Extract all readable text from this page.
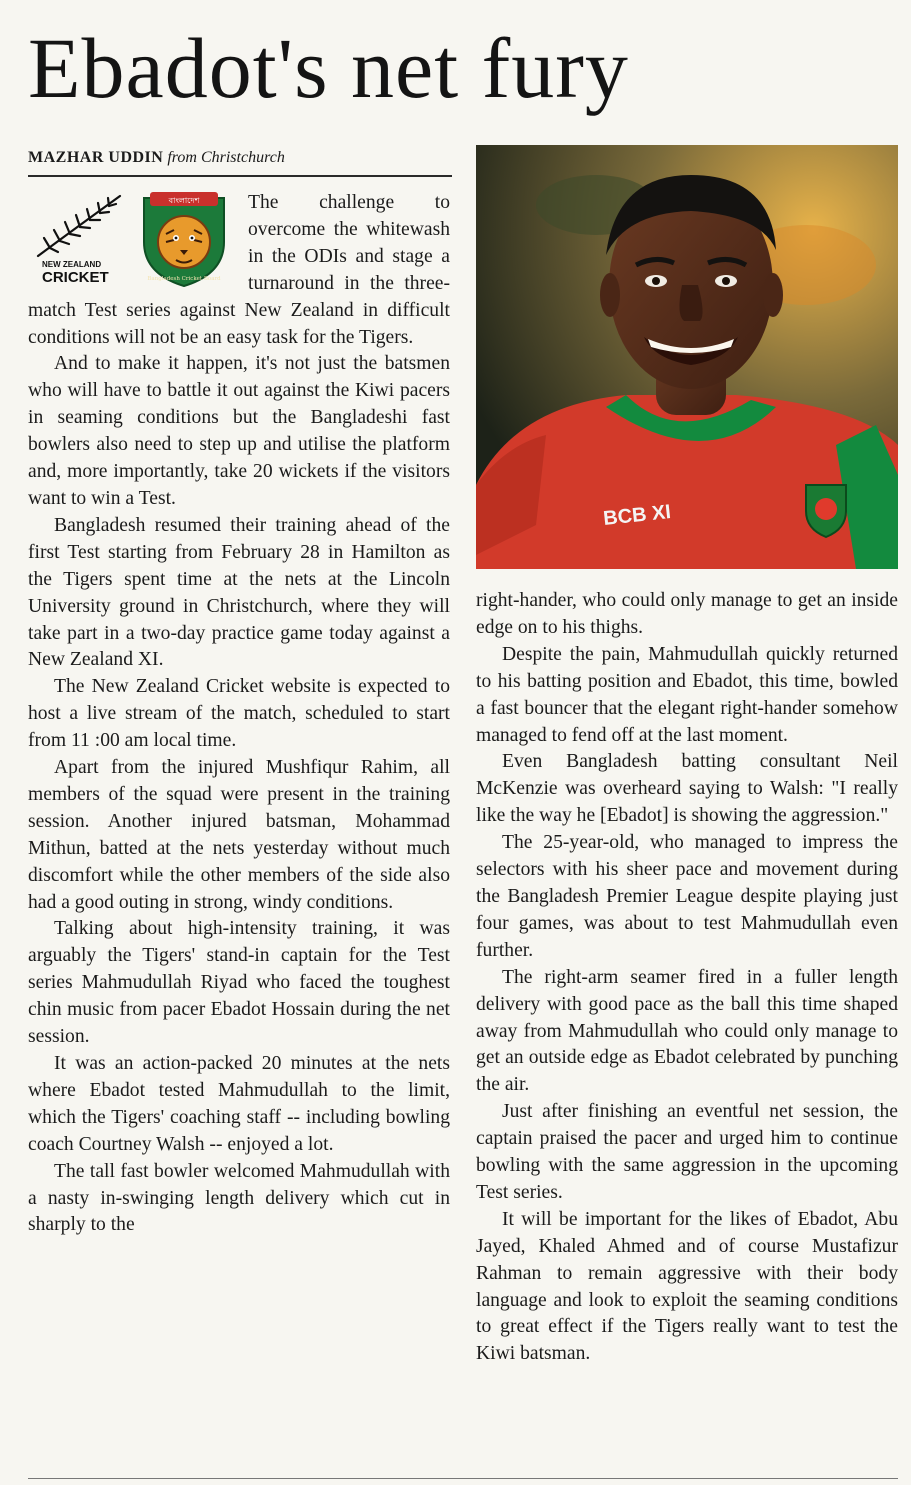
Ebadot's net fury
MAZHAR UDDIN from Christchurch
NEW ZEALAND
CRICKET
বাংলাদেশ
Bangladesh Cricket Board
BCB XI

The challenge to overcome the whitewash in the ODIs and stage a turnaround in the three-match Test series against New Zealand in difficult conditions will not be an easy task for the Tigers.

And to make it happen, it's not just the batsmen who will have to battle it out against the Kiwi pacers in seaming conditions but the Bangladeshi fast bowlers also need to step up and utilise the platform and, more importantly, take 20 wickets if the visitors want to win a Test.

Bangladesh resumed their training ahead of the first Test starting from February 28 in Hamilton as the Tigers spent time at the nets at the Lincoln University ground in Christchurch, where they will take part in a two-day practice game today against a New Zealand XI.

The New Zealand Cricket website is expected to host a live stream of the match, scheduled to start from 11 :00 am local time.

Apart from the injured Mushfiqur Rahim, all members of the squad were present in the training session. Another injured batsman, Mohammad Mithun, batted at the nets yesterday without much discomfort while the other members of the side also had a good outing in strong, windy conditions.

Talking about high-intensity training, it was arguably the Tigers' stand-in captain for the Test series Mahmudullah Riyad who faced the toughest chin music from pacer Ebadot Hossain during the net session.

It was an action-packed 20 minutes at the nets where Ebadot tested Mahmudullah to the limit, which the Tigers' coaching staff -- including bowling coach Courtney Walsh -- enjoyed a lot.

The tall fast bowler welcomed Mahmudullah with a nasty in-swinging length delivery which cut in sharply to the

right-hander, who could only manage to get an inside edge on to his thighs.

Despite the pain, Mahmudullah quickly returned to his batting position and Ebadot, this time, bowled a fast bouncer that the elegant right-hander somehow managed to fend off at the last moment.

Even Bangladesh batting consultant Neil McKenzie was overheard saying to Walsh: "I really like the way he [Ebadot] is showing the aggression."

The 25-year-old, who managed to impress the selectors with his sheer pace and movement during the Bangladesh Premier League despite playing just four games, was about to test Mahmudullah even further.

The right-arm seamer fired in a fuller length delivery with good pace as the ball this time shaped away from Mahmudullah who could only manage to get an outside edge as Ebadot celebrated by punching the air.

Just after finishing an eventful net session, the captain praised the pacer and urged him to continue bowling with the same aggression in the upcoming Test series.

It will be important for the likes of Ebadot, Abu Jayed, Khaled Ahmed and of course Mustafizur Rahman to remain aggressive with their body language and look to exploit the seaming conditions to great effect if the Tigers really want to test the Kiwi batsman.
